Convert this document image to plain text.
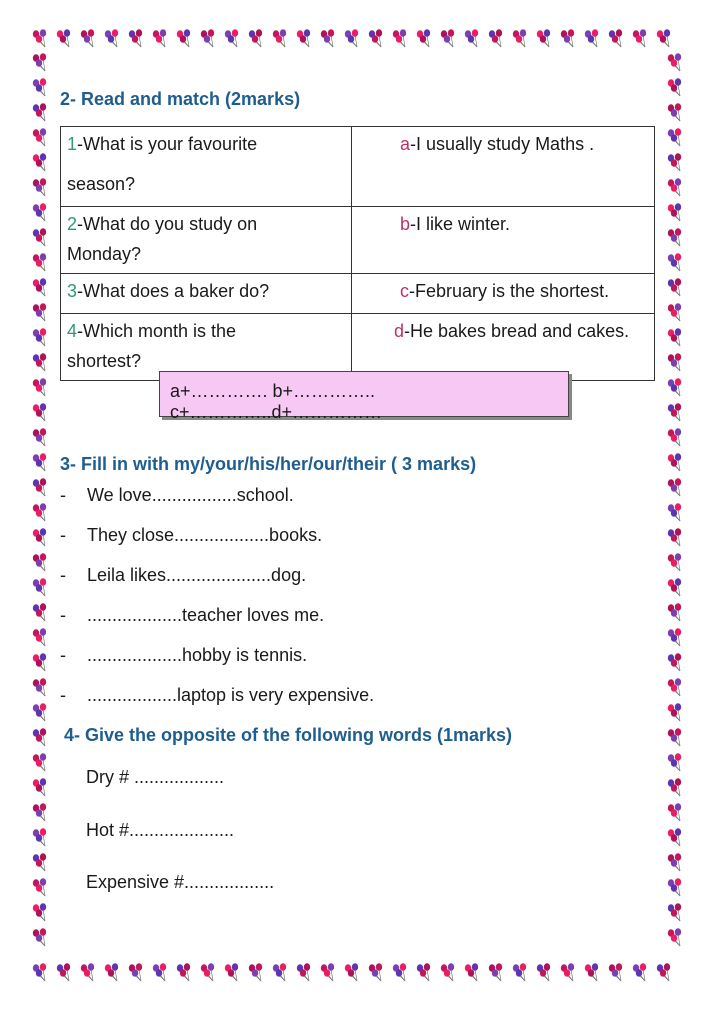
2- Read and match (2marks)
1-What is your favourite
season?	a-I usually study Maths .
2-What do you study on
Monday?	b-I like winter.
3-What does a baker do?	c-February is the shortest.
4-Which month is the
shortest?	d-He bakes bread and cakes.
a+…………. b+………….. c+…………..d+……………
3- Fill in with my/your/his/her/our/their ( 3 marks)
- We love.................school.
- They close...................books.
- Leila likes.....................dog.
- ...................teacher loves me.
- ...................hobby is tennis.
- ..................laptop is very expensive.
4- Give the opposite of the following words (1marks)
Dry # ..................
Hot #.....................
Expensive #..................
